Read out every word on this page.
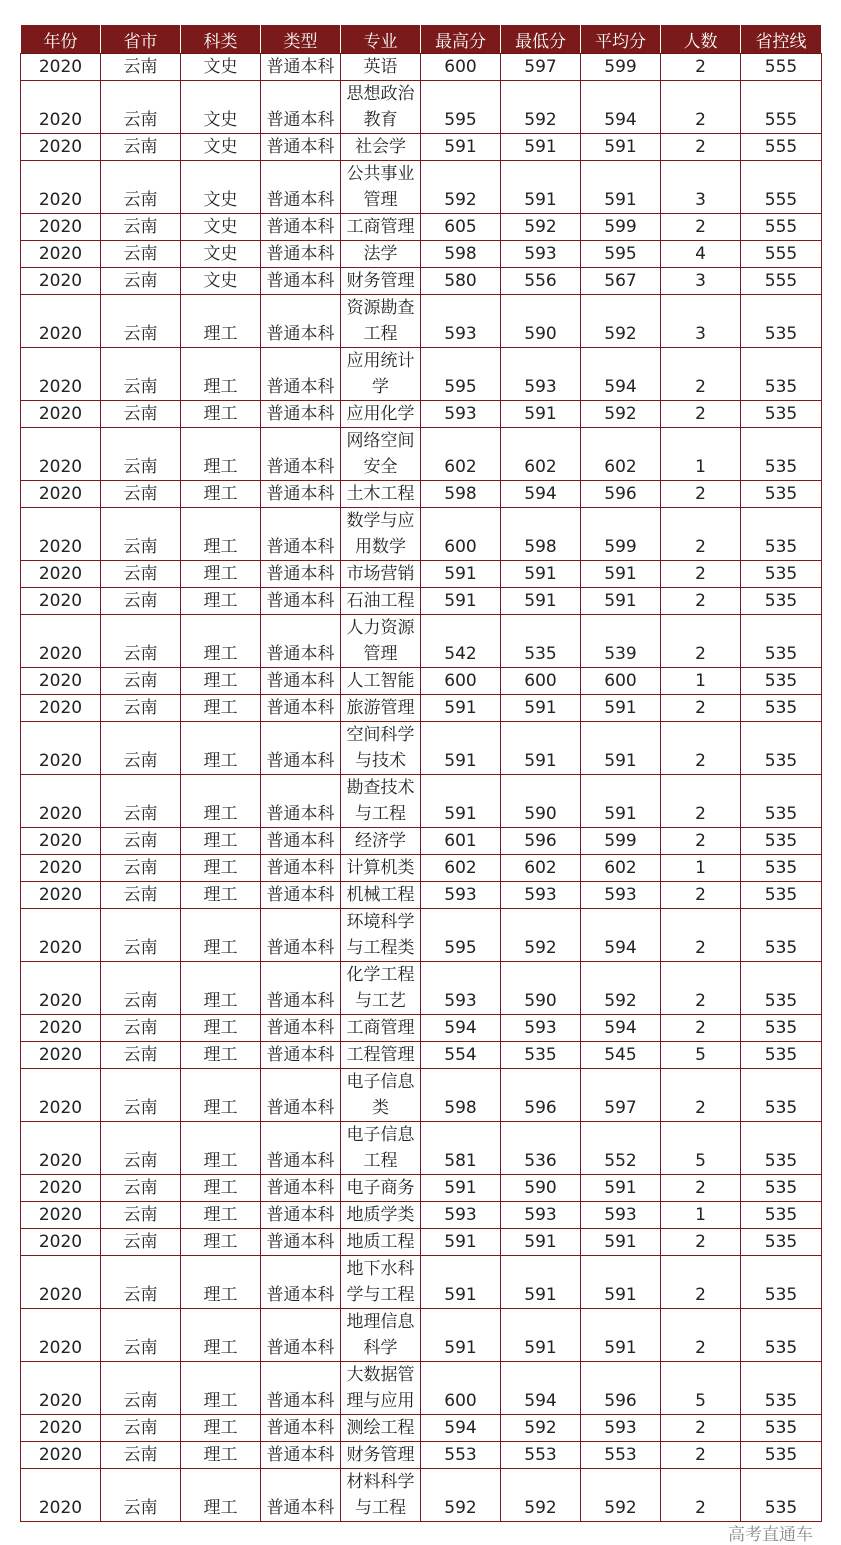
年份	省市	科类	类型	专业	最高分	最低分	平均分	人数	省控线
2020	云南	文史	普通本科	英语	600	597	599	2	555
2020	云南	文史	普通本科	思想政治教育	595	592	594	2	555
2020	云南	文史	普通本科	社会学	591	591	591	2	555
2020	云南	文史	普通本科	公共事业管理	592	591	591	3	555
2020	云南	文史	普通本科	工商管理	605	592	599	2	555
2020	云南	文史	普通本科	法学	598	593	595	4	555
2020	云南	文史	普通本科	财务管理	580	556	567	3	555
2020	云南	理工	普通本科	资源勘查工程	593	590	592	3	535
2020	云南	理工	普通本科	应用统计学	595	593	594	2	535
2020	云南	理工	普通本科	应用化学	593	591	592	2	535
2020	云南	理工	普通本科	网络空间安全	602	602	602	1	535
2020	云南	理工	普通本科	土木工程	598	594	596	2	535
2020	云南	理工	普通本科	数学与应用数学	600	598	599	2	535
2020	云南	理工	普通本科	市场营销	591	591	591	2	535
2020	云南	理工	普通本科	石油工程	591	591	591	2	535
2020	云南	理工	普通本科	人力资源管理	542	535	539	2	535
2020	云南	理工	普通本科	人工智能	600	600	600	1	535
2020	云南	理工	普通本科	旅游管理	591	591	591	2	535
2020	云南	理工	普通本科	空间科学与技术	591	591	591	2	535
2020	云南	理工	普通本科	勘查技术与工程	591	590	591	2	535
2020	云南	理工	普通本科	经济学	601	596	599	2	535
2020	云南	理工	普通本科	计算机类	602	602	602	1	535
2020	云南	理工	普通本科	机械工程	593	593	593	2	535
2020	云南	理工	普通本科	环境科学与工程类	595	592	594	2	535
2020	云南	理工	普通本科	化学工程与工艺	593	590	592	2	535
2020	云南	理工	普通本科	工商管理	594	593	594	2	535
2020	云南	理工	普通本科	工程管理	554	535	545	5	535
2020	云南	理工	普通本科	电子信息类	598	596	597	2	535
2020	云南	理工	普通本科	电子信息工程	581	536	552	5	535
2020	云南	理工	普通本科	电子商务	591	590	591	2	535
2020	云南	理工	普通本科	地质学类	593	593	593	1	535
2020	云南	理工	普通本科	地质工程	591	591	591	2	535
2020	云南	理工	普通本科	地下水科学与工程	591	591	591	2	535
2020	云南	理工	普通本科	地理信息科学	591	591	591	2	535
2020	云南	理工	普通本科	大数据管理与应用	600	594	596	5	535
2020	云南	理工	普通本科	测绘工程	594	592	593	2	535
2020	云南	理工	普通本科	财务管理	553	553	553	2	535
2020	云南	理工	普通本科	材料科学与工程	592	592	592	2	535
高考直通车
